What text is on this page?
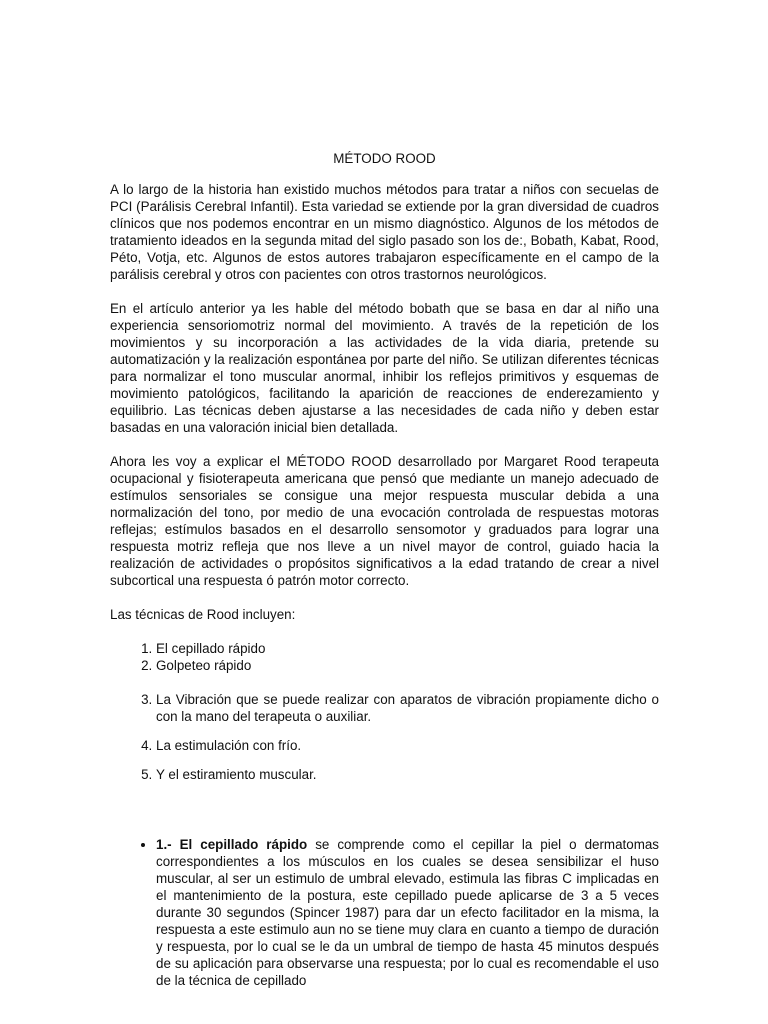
MÉTODO ROOD

A lo largo de la historia han existido muchos métodos para tratar a niños con secuelas de PCI (Parálisis Cerebral Infantil). Esta variedad se extiende por la gran diversidad de cuadros clínicos que nos podemos encontrar en un mismo diagnóstico. Algunos de los métodos de tratamiento ideados en la segunda mitad del siglo pasado son los de:, Bobath, Kabat, Rood, Péto, Votja, etc. Algunos de estos autores trabajaron específicamente en el campo de la parálisis cerebral y otros con pacientes con otros trastornos neurológicos.

En el artículo anterior ya les hable del método bobath que se basa en dar al niño una experiencia sensoriomotriz normal del movimiento. A través de la repetición de los movimientos y su incorporación a las actividades de la vida diaria, pretende su automatización y la realización espontánea por parte del niño. Se utilizan diferentes técnicas para normalizar el tono muscular anormal, inhibir los reflejos primitivos y esquemas de movimiento patológicos, facilitando la aparición de reacciones de enderezamiento y equilibrio. Las técnicas deben ajustarse a las necesidades de cada niño y deben estar basadas en una valoración inicial bien detallada.

Ahora les voy a explicar el MÉTODO ROOD desarrollado por Margaret Rood terapeuta ocupacional y fisioterapeuta americana que pensó que mediante un manejo adecuado de estímulos sensoriales se consigue una mejor respuesta muscular debida a una normalización del tono, por medio de una evocación controlada de respuestas motoras reflejas; estímulos basados en el desarrollo sensomotor y graduados para lograr una respuesta motriz refleja que nos lleve a un nivel mayor de control, guiado hacia la realización de actividades o propósitos significativos a la edad tratando de crear a nivel subcortical una respuesta ó patrón motor correcto.

Las técnicas de Rood incluyen:
1. El cepillado rápido
2. Golpeteo rápido
3. La Vibración que se puede realizar con aparatos de vibración propiamente dicho o con la mano del terapeuta o auxiliar.
4. La estimulación con frío.
5. Y el estiramiento muscular.
• 1.- El cepillado rápido se comprende como el cepillar la piel o dermatomas correspondientes a los músculos en los cuales se desea sensibilizar el huso muscular, al ser un estimulo de umbral elevado, estimula las fibras C implicadas en el mantenimiento de la postura, este cepillado puede aplicarse de 3 a 5 veces durante 30 segundos (Spincer 1987) para dar un efecto facilitador en la misma, la respuesta a este estimulo aun no se tiene muy clara en cuanto a tiempo de duración y respuesta, por lo cual se le da un umbral de tiempo de hasta 45 minutos después de su aplicación para observarse una respuesta; por lo cual es recomendable el uso de la técnica de cepillado
